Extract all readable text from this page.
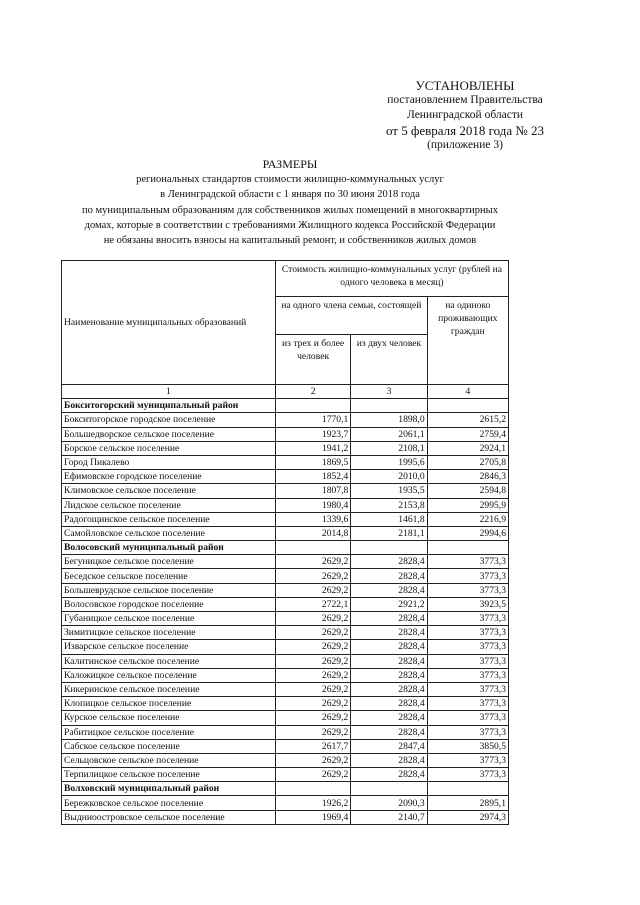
УСТАНОВЛЕНЫ
постановлением Правительства
Ленинградской области
от 5 февраля 2018 года № 23
(приложение 3)
РАЗМЕРЫ
региональных стандартов стоимости жилищно-коммунальных услуг
в Ленинградской области с 1 января по 30 июня 2018 года
по муниципальным образованиям для собственников жилых помещений в многоквартирных
домах, которые в соответствии с требованиями Жилищного кодекса Российской Федерации
не обязаны вносить взносы на капитальный ремонт, и собственников жилых домов
Наименование муниципальных образований	Стоимость жилищно-коммунальных услуг (рублей на одного человека в месяц)		
	на одного члена семьи, состоящей		на одиноко проживающих граждан
	из трех и более человек	из двух человек	
1	2	3	4
Бокситогорский муниципальный район			
Бокситогорское городское поселение	1770,1	1898,0	2615,2
Большедворское сельское поселение	1923,7	2061,1	2759,4
Борское сельское поселение	1941,2	2108,1	2924,1
Город Пикалево	1869,5	1995,6	2705,8
Ефимовское городское поселение	1852,4	2010,0	2846,3
Климовское сельское поселение	1807,8	1935,5	2594,8
Лидское сельское поселение	1980,4	2153,8	2995,9
Радогощинское сельское поселение	1339,6	1461,8	2216,9
Самойловское сельское поселение	2014,8	2181,1	2994,6
Волосовский муниципальный район			
Бегуницкое сельское поселение	2629,2	2828,4	3773,3
Беседское сельское поселение	2629,2	2828,4	3773,3
Большеврудское сельское поселение	2629,2	2828,4	3773,3
Волосовское городское поселение	2722,1	2921,2	3923,5
Губаницкое сельское поселение	2629,2	2828,4	3773,3
Зимитицкое сельское поселение	2629,2	2828,4	3773,3
Изварское сельское поселение	2629,2	2828,4	3773,3
Калитинское сельское поселение	2629,2	2828,4	3773,3
Каложицкое сельское поселение	2629,2	2828,4	3773,3
Кикеринское сельское поселение	2629,2	2828,4	3773,3
Клопицкое сельское поселение	2629,2	2828,4	3773,3
Курское сельское поселение	2629,2	2828,4	3773,3
Рабитицкое сельское поселение	2629,2	2828,4	3773,3
Сабское сельское поселение	2617,7	2847,4	3850,5
Сельцовское сельское поселение	2629,2	2828,4	3773,3
Терпилицкое сельское поселение	2629,2	2828,4	3773,3
Волховский муниципальный район			
Бережковское сельское поселение	1926,2	2090,3	2895,1
Выдниоостровское сельское поселение	1969,4	2140,7	2974,3
